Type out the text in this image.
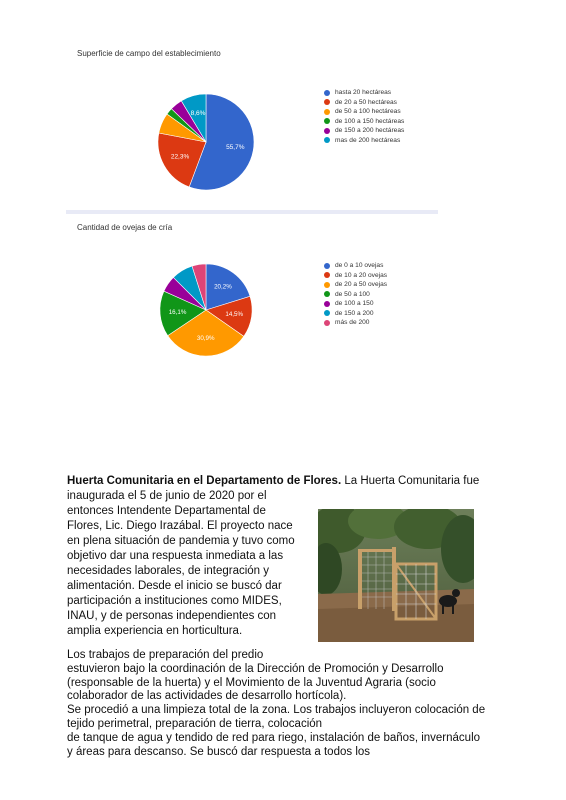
Superficie de campo del establecimiento
55,7%
22,3%
8,6%
hasta 20 hectáreas
de 20 a 50 hectáreas
de 50 a 100 hectáreas
de 100 a 150 hectáreas
de 150 a 200 hectáreas
mas de 200 hectáreas
Cantidad de ovejas de cría
20,2%
14,5%
30,9%
16,1%
de 0 a 10 ovejas
de 10 a 20 ovejas
de 20 a 50 ovejas
de 50 a 100
de 100 a 150
de 150 a 200
más de 200
Huerta Comunitaria en el Departamento de Flores. La Huerta Comunitaria fue
inaugurada el 5 de junio de 2020 por el
entonces Intendente Departamental de
Flores, Lic. Diego Irazábal. El proyecto nace
en plena situación de pandemia y tuvo como
objetivo dar una respuesta inmediata a las
necesidades laborales, de integración y
alimentación. Desde el inicio se buscó dar
participación a instituciones como MIDES,
INAU, y de personas independientes con
amplia experiencia en horticultura.
Los trabajos de preparación del predio
estuvieron bajo la coordinación de la Dirección de Promoción y Desarrollo
(responsable de la huerta) y el Movimiento de la Juventud Agraria (socio
colaborador de las actividades de desarrollo hortícola).
Se procedió a una limpieza total de la zona. Los trabajos incluyeron colocación de
tejido perimetral, preparación de tierra, colocación
de tanque de agua y tendido de red para riego, instalación de baños, invernáculo
y áreas para descanso. Se buscó dar respuesta a todos los
